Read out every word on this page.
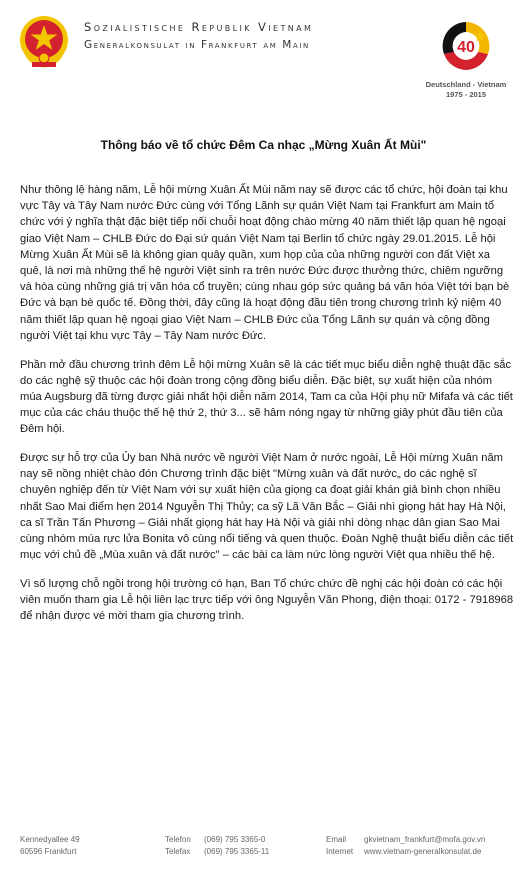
Sozialistische Republik Vietnam
Generalkonsulat in Frankfurt am Main	40
Deutschland - Vietnam
1975 - 2015
Thông báo về tổ chức Đêm Ca nhạc „Mừng Xuân Ất Mùi"

Như thông lệ hàng năm, Lễ hội mừng Xuân Ất Mùi năm nay sẽ được các tổ chức, hội đoàn tại khu vực Tây và Tây Nam nước Đức cùng với Tổng Lãnh sự quán Việt Nam tại Frankfurt am Main tổ chức với ý nghĩa thật đặc biệt tiếp nối chuỗi hoạt động chào mừng 40 năm thiết lập quan hệ ngoại giao Việt Nam – CHLB Đức do Đại sứ quán Việt Nam tại Berlin tổ chức ngày 29.01.2015. Lễ hội Mừng Xuân Ất Mùi sẽ là không gian quây quần, xum họp của của những người con đất Việt xa quê, là nơi mà những thế hệ người Việt sinh ra trên nước Đức được thưởng thức, chiêm ngưỡng và hòa cùng những giá trị văn hóa cổ truyền; cùng nhau góp sức quảng bá văn hóa Việt tới bạn bè Đức và bạn bè quốc tế. Đồng thời, đây cũng là hoạt động đầu tiên trong chương trình kỷ niệm 40 năm thiết lập quan hệ ngoại giao Việt Nam – CHLB Đức của Tổng Lãnh sự quán và cộng đồng người Việt tại khu vực Tây – Tây Nam nước Đức.

Phần mở đầu chương trình đêm Lễ hội mừng Xuân sẽ là các tiết mục biểu diễn nghệ thuật đặc sắc do các nghệ sỹ thuộc các hội đoàn trong cộng đồng biểu diễn. Đặc biệt, sự xuất hiện của nhóm múa Augsburg đã từng được giải nhất hội diễn năm 2014, Tam ca của Hội phụ nữ Mifafa và các tiết mục của các cháu thuộc thế hệ thứ 2, thứ 3... sẽ hâm nóng ngay từ những giây phút đầu tiên của Đêm hội.

Được sự hỗ trợ của Ủy ban Nhà nước về người Việt Nam ở nước ngoài, Lễ Hội mừng Xuân năm nay sẽ nồng nhiệt chào đón Chương trình đặc biệt "Mừng xuân và đất nước„ do các nghệ sĩ chuyên nghiệp đến từ Việt Nam với sự xuất hiện của giọng ca đoạt giải khán giả bình chọn nhiều nhất Sao Mai điểm hẹn 2014 Nguyễn Thị Thủy; ca sỹ Lã Văn Bắc – Giải nhì giọng hát hay Hà Nội, ca sĩ Trần Tấn Phương – Giải nhất giọng hát hay Hà Nội và giải nhì dòng nhạc dân gian Sao Mai cùng nhóm múa rực lửa Bonita vô cùng nổi tiếng và quen thuộc. Đoàn Nghệ thuật biểu diễn các tiết mục với chủ đề „Mùa xuân và đất nước" – các bài ca làm nức lòng người Việt qua nhiều thế hệ.

Vì số lượng chỗ ngồi trong hội trường có hạn, Ban Tổ chức chức đề nghị các hội đoàn có các hội viên muốn tham gia Lễ hội liên lạc trực tiếp với ông Nguyễn Văn Phong, điện thoại: 0172 - 7918968 để nhận được vé mời tham gia chương trình.

Kennedyallee 49
60596 Frankfurt
Telefon
Telefax
(069) 795 3365-0
(069) 795 3365-11
Email
Internet
gkvietnam_frankfurt@mofa.gov.vn
www.vietnam-generalkonsulat.de
